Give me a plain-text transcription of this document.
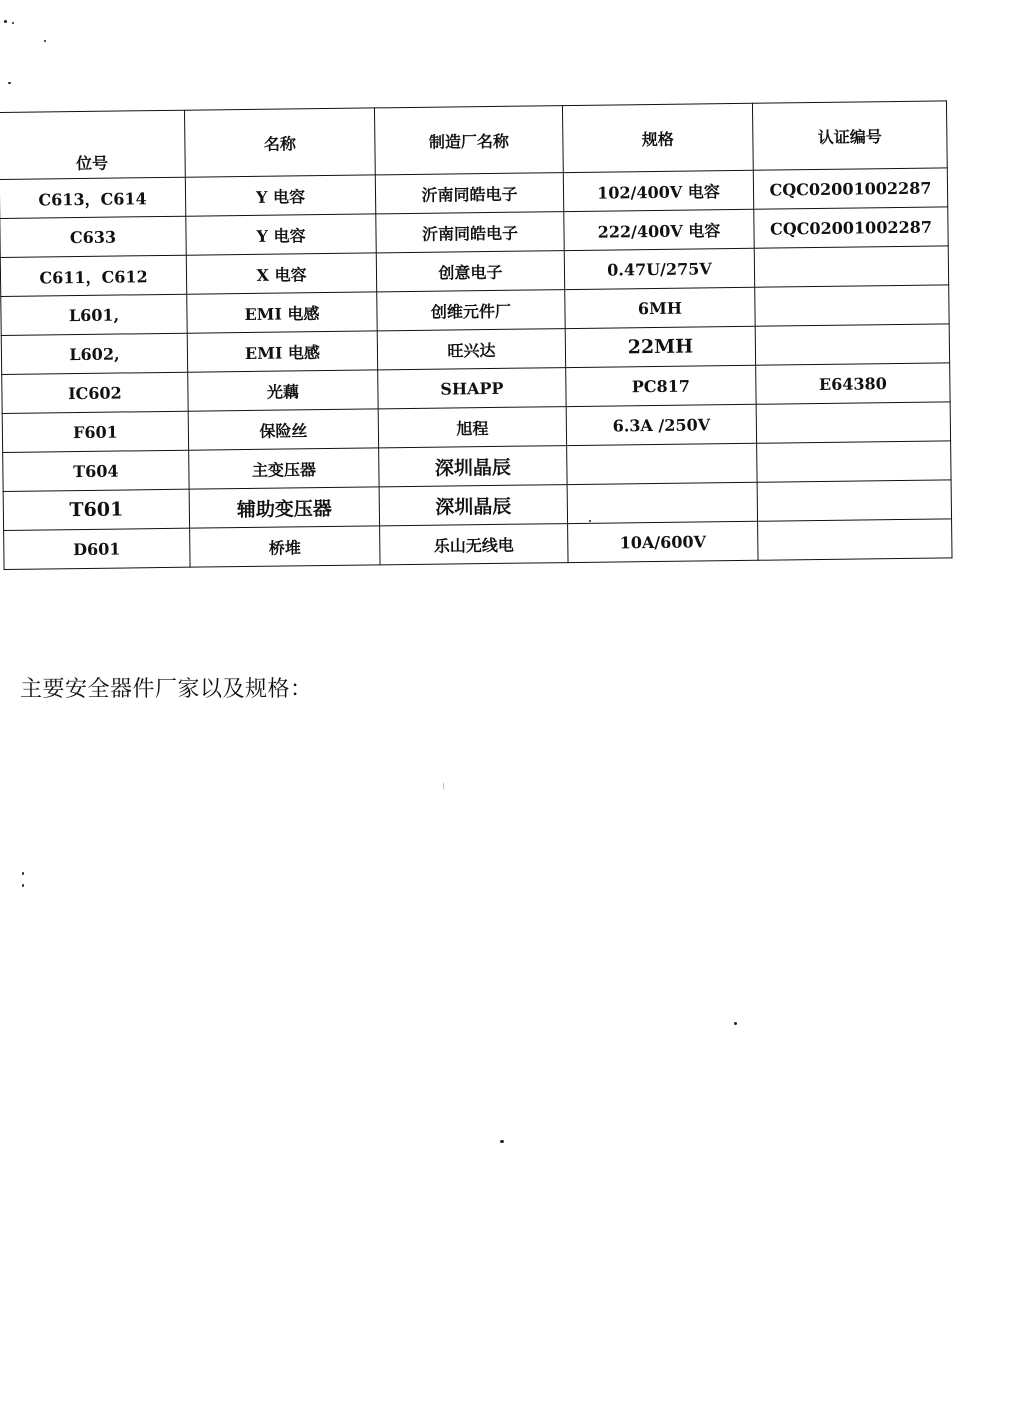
位号	名称	制造厂名称	规格	认证编号
C613，C614	Y 电容	沂南同皓电子	102/400V 电容	CQC02001002287
C633	Y 电容	沂南同皓电子	222/400V 电容	CQC02001002287
C611，C612	X 电容	创意电子	0.47U/275V	
L601,	EMI 电感	创维元件厂	6MH	
L602,	EMI 电感	旺兴达	22MH	
IC602	光藕	SHAPP	PC817	E64380
F601	保险丝	旭程	6.3A /250V	
T604	主变压器	深圳晶辰		
T601	辅助变压器	深圳晶辰		
D601	桥堆	乐山无线电	10A/600V	
主要安全器件厂家以及规格：
